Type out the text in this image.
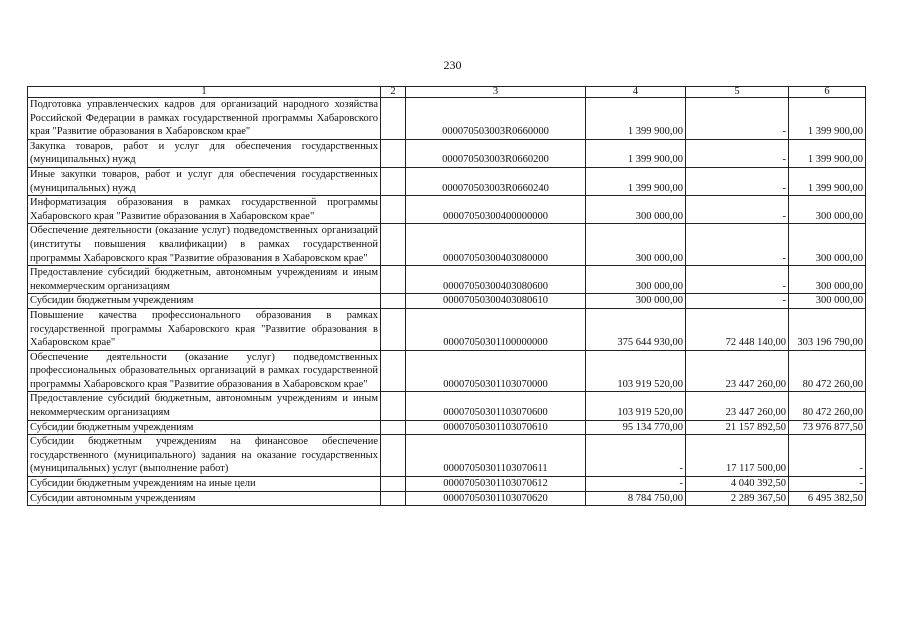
230
1	2	3	4	5	6
Подготовка управленческих кадров для организаций народного хозяйства Российской Федерации в рамках государственной программы Хабаровского края "Развитие образования в Хабаровском крае"		000070503003R0660000	1 399 900,00	-	1 399 900,00
Закупка товаров, работ и услуг для обеспечения государственных (муниципальных) нужд		000070503003R0660200	1 399 900,00	-	1 399 900,00
Иные закупки товаров, работ и услуг для обеспечения государственных (муниципальных) нужд		000070503003R0660240	1 399 900,00	-	1 399 900,00
Информатизация образования в рамках государственной программы Хабаровского края "Развитие образования в Хабаровском крае"		00007050300400000000	300 000,00	-	300 000,00
Обеспечение деятельности (оказание услуг) подведомственных организаций (институты повышения квалификации) в рамках государственной программы Хабаровского края "Развитие образования в Хабаровском крае"		00007050300403080000	300 000,00	-	300 000,00
Предоставление субсидий бюджетным, автономным учреждениям и иным некоммерческим организациям		00007050300403080600	300 000,00	-	300 000,00
Субсидии бюджетным учреждениям		00007050300403080610	300 000,00	-	300 000,00
Повышение качества профессионального образования в рамках государственной программы Хабаровского края "Развитие образования в Хабаровском крае"		00007050301100000000	375 644 930,00	72 448 140,00	303 196 790,00
Обеспечение деятельности (оказание услуг) подведомственных профессиональных образовательных организаций в рамках государственной программы Хабаровского края "Развитие образования в Хабаровском крае"		00007050301103070000	103 919 520,00	23 447 260,00	80 472 260,00
Предоставление субсидий бюджетным, автономным учреждениям и иным некоммерческим организациям		00007050301103070600	103 919 520,00	23 447 260,00	80 472 260,00
Субсидии бюджетным учреждениям		00007050301103070610	95 134 770,00	21 157 892,50	73 976 877,50
Субсидии бюджетным учреждениям на финансовое обеспечение государственного (муниципального) задания на оказание государственных (муниципальных) услуг (выполнение работ)		00007050301103070611	-	17 117 500,00	-
Субсидии бюджетным учреждениям на иные цели		00007050301103070612	-	4 040 392,50	-
Субсидии автономным учреждениям		00007050301103070620	8 784 750,00	2 289 367,50	6 495 382,50
